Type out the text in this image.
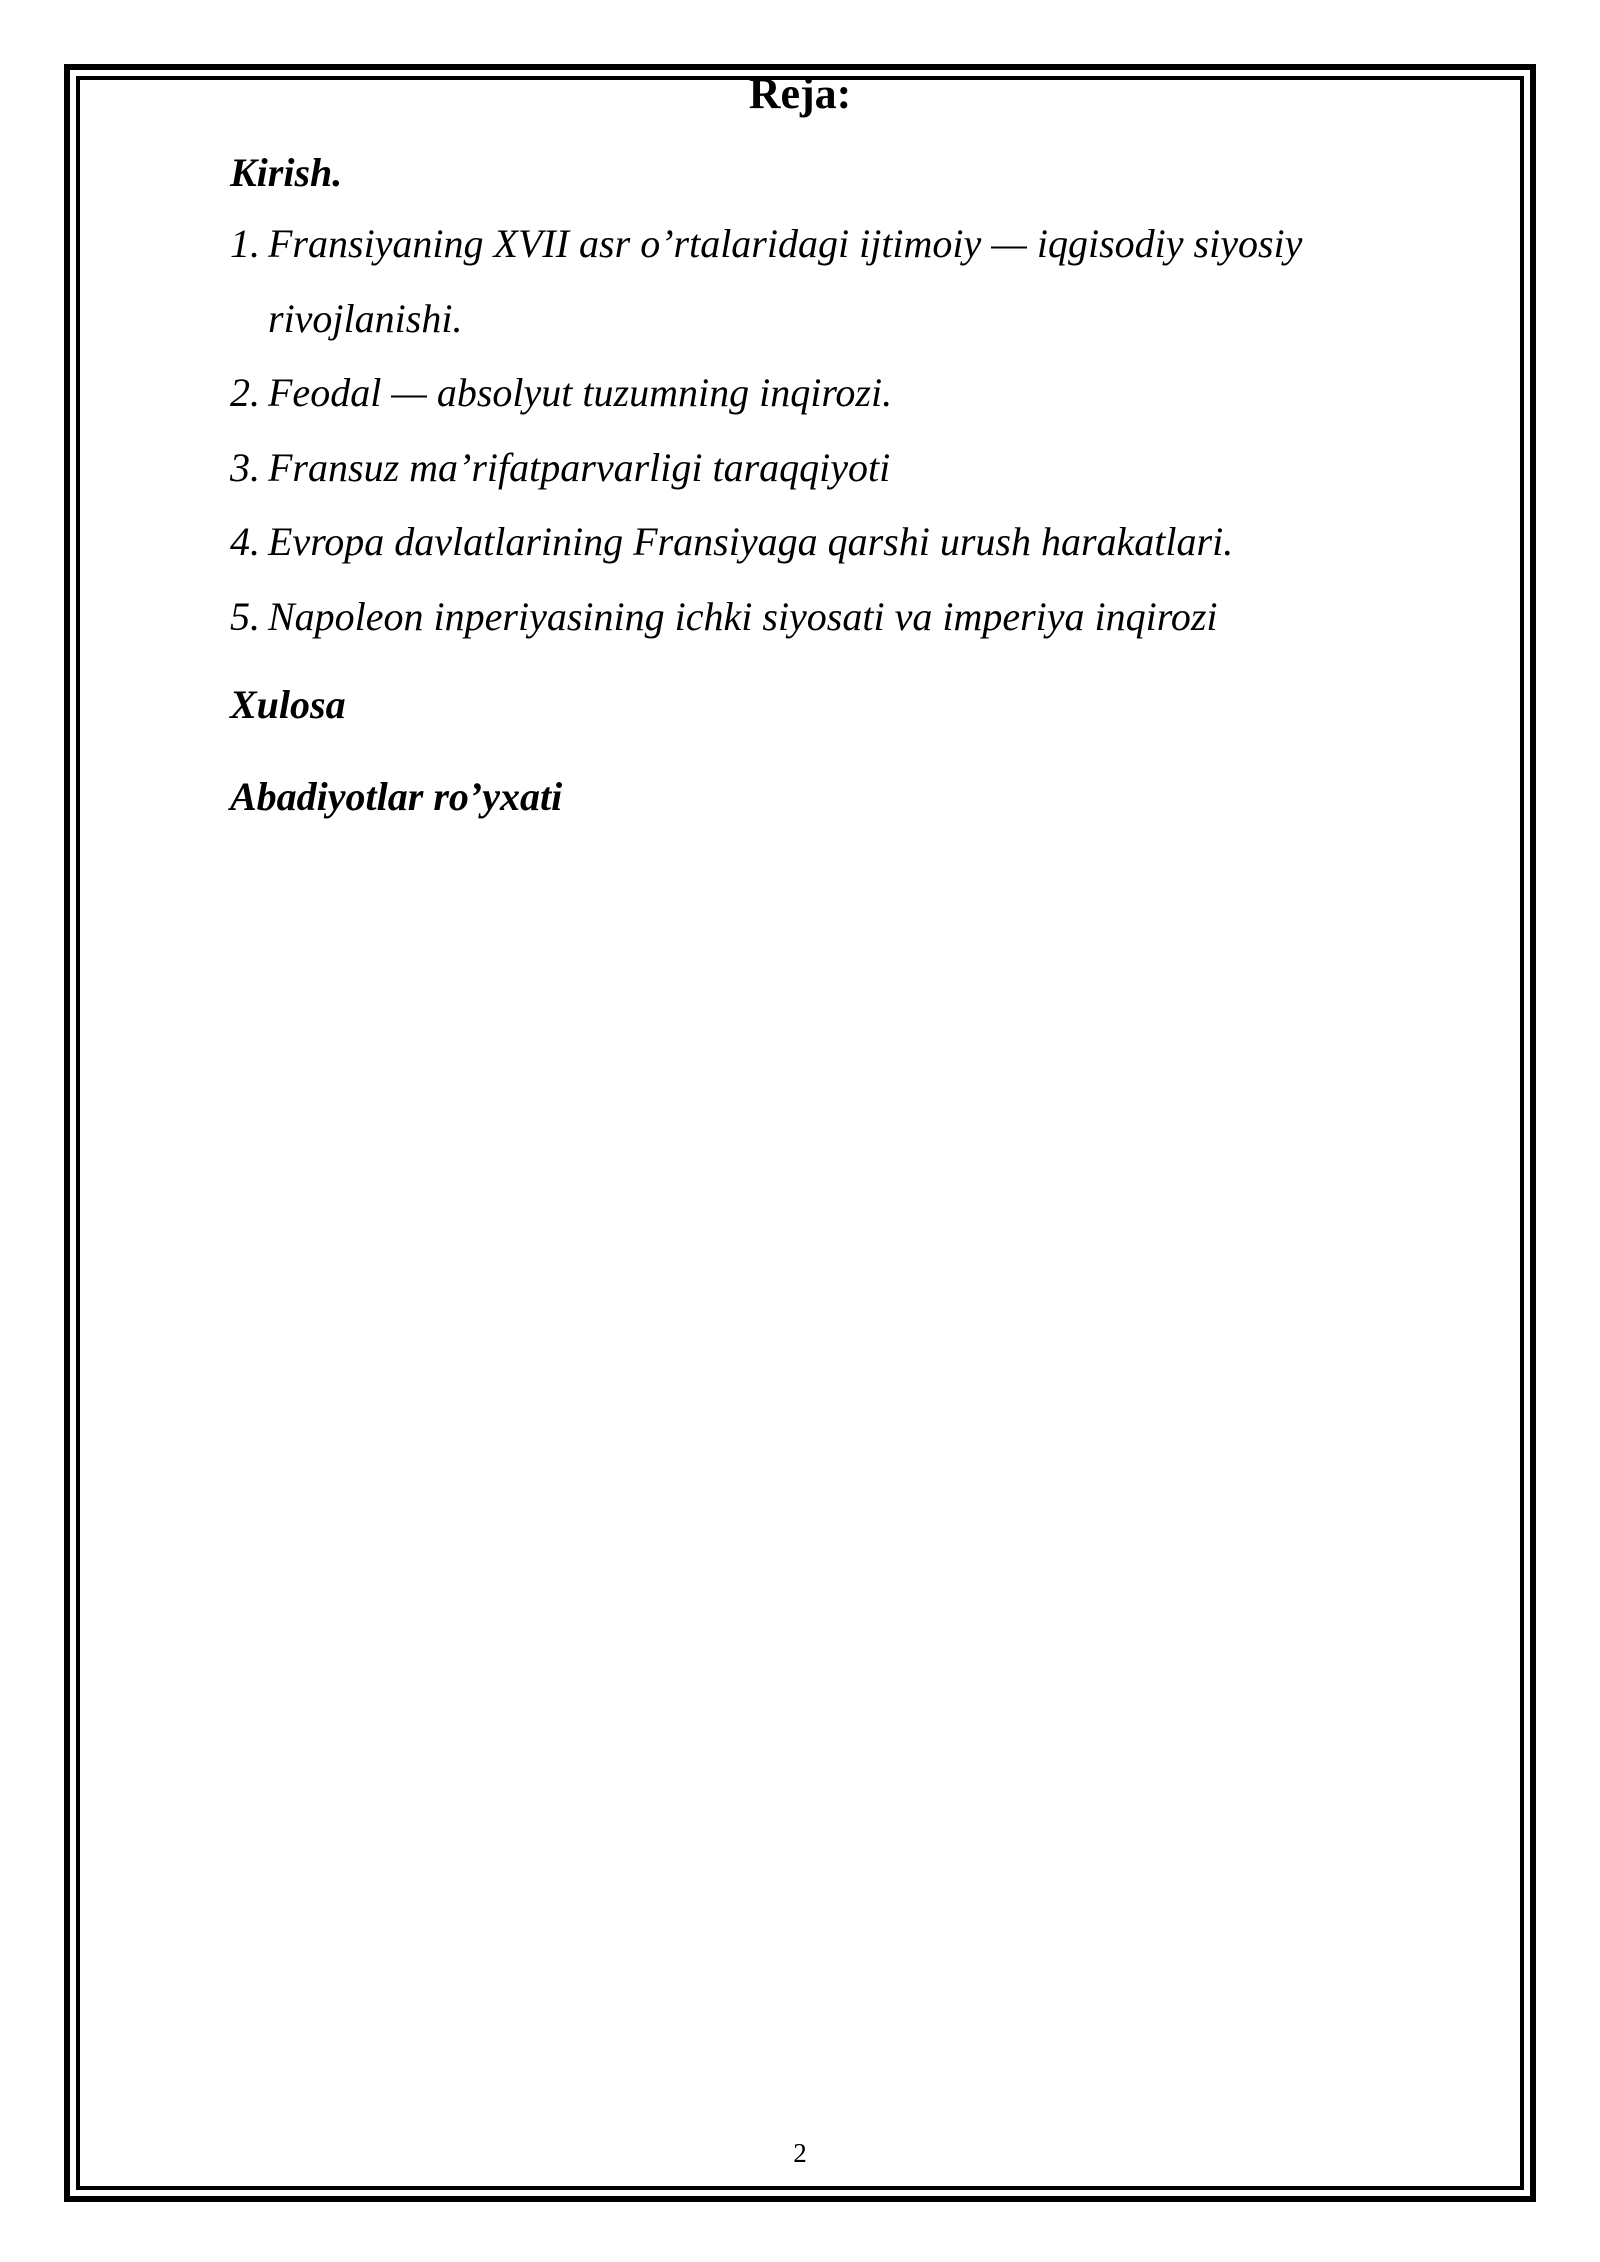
Reja:

Kirish.

1. Fransiyaning XVII asr o’rtalaridagi ijtimoiy — iqgisodiy siyosiy rivojlanishi.
2. Feodal — absolyut tuzumning inqirozi.
3. Fransuz ma’rifatparvarligi taraqqiyoti
4. Evropa davlatlarining Fransiyaga qarshi urush harakatlari.
5. Napoleon inperiyasining ichki siyosati va imperiya inqirozi

Xulosa

Abadiyotlar ro’yxati

2
